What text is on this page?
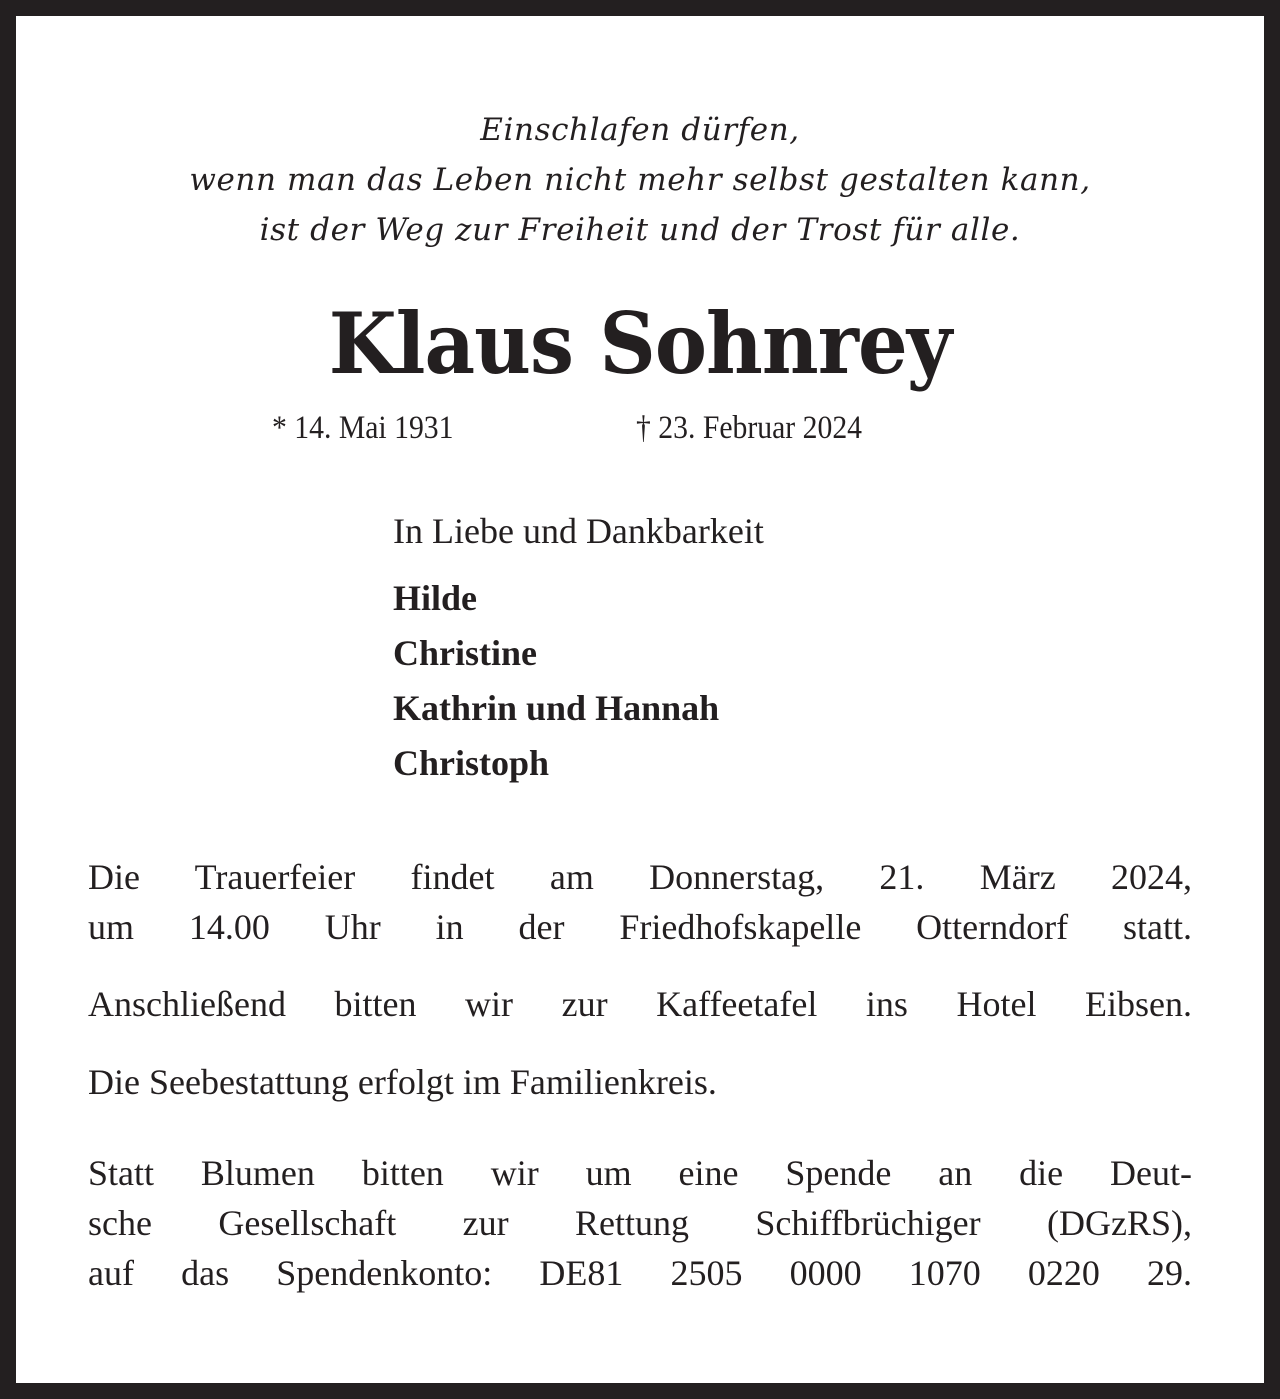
Einschlafen dürfen,
wenn man das Leben nicht mehr selbst gestalten kann,
ist der Weg zur Freiheit und der Trost für alle.
Klaus Sohnrey
* 14. Mai 1931	† 23. Februar 2024
In Liebe und Dankbarkeit
Hilde
Christine
Kathrin und Hannah
Christoph
Die Trauerfeier findet am Donnerstag, 21. März 2024,
um 14.00 Uhr in der Friedhofskapelle Otterndorf statt.
Anschließend bitten wir zur Kaffeetafel ins Hotel Eibsen.
Die Seebestattung erfolgt im Familienkreis.
Statt Blumen bitten wir um eine Spende an die Deut-
sche Gesellschaft zur Rettung Schiffbrüchiger (DGzRS),
auf das Spendenkonto: DE81 2505 0000 1070 0220 29.
